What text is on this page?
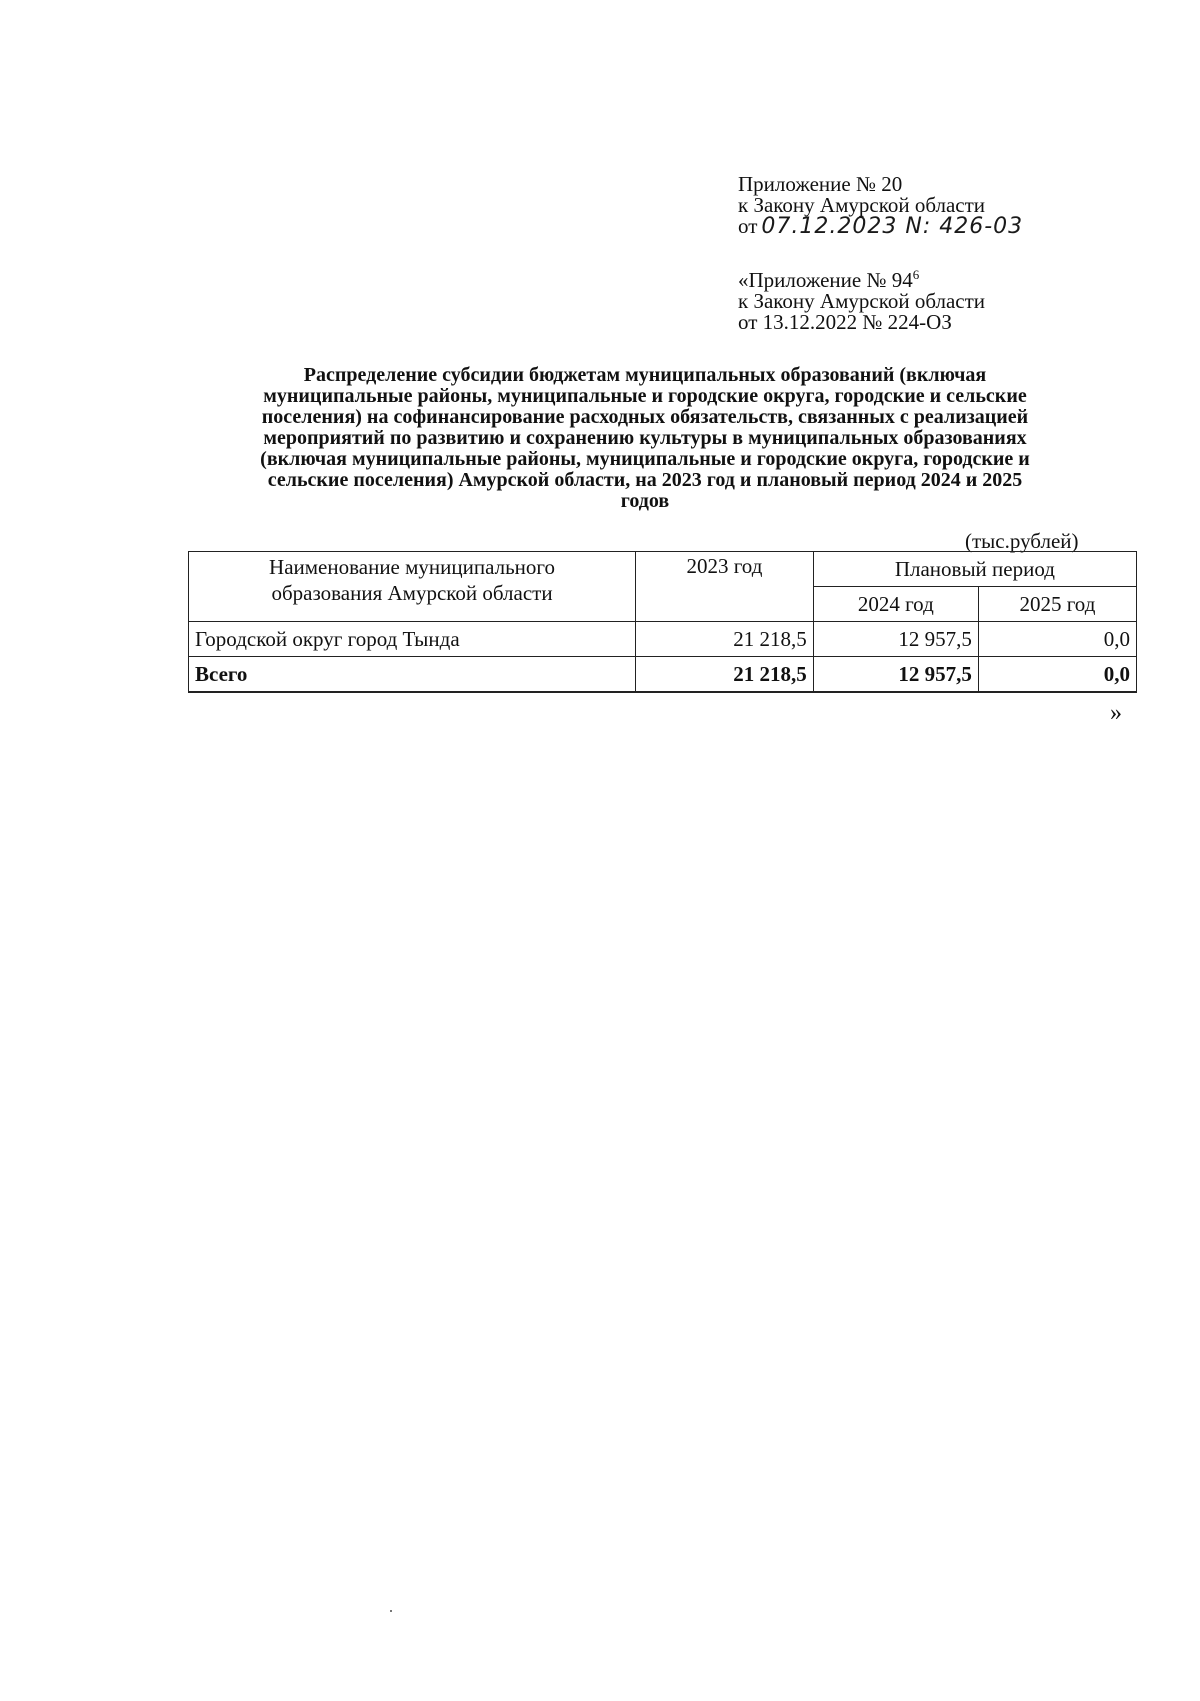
Приложение № 20
к Закону Амурской области
от 07.12.2023 N: 426-03
«Приложение № $94^6$
к Закону Амурской области
от 13.12.2022 № 224-ОЗ
Распределение субсидии бюджетам муниципальных образований (включая
муниципальные районы, муниципальные и городские округа, городские и сельские
поселения) на софинансирование расходных обязательств, связанных с реализацией
мероприятий по развитию и сохранению культуры в муниципальных образованиях
(включая муниципальные районы, муниципальные и городские округа, городские и
сельские поселения) Амурской области, на 2023 год и плановый период 2024 и 2025
годов
(тыс.рублей)
Наименование муниципального
образования Амурской области	2023 год	Плановый период	
		2024 год	2025 год
Городской округ город Тында	21 218,5	12 957,5	0,0
Всего	21 218,5	12 957,5	0,0
»
